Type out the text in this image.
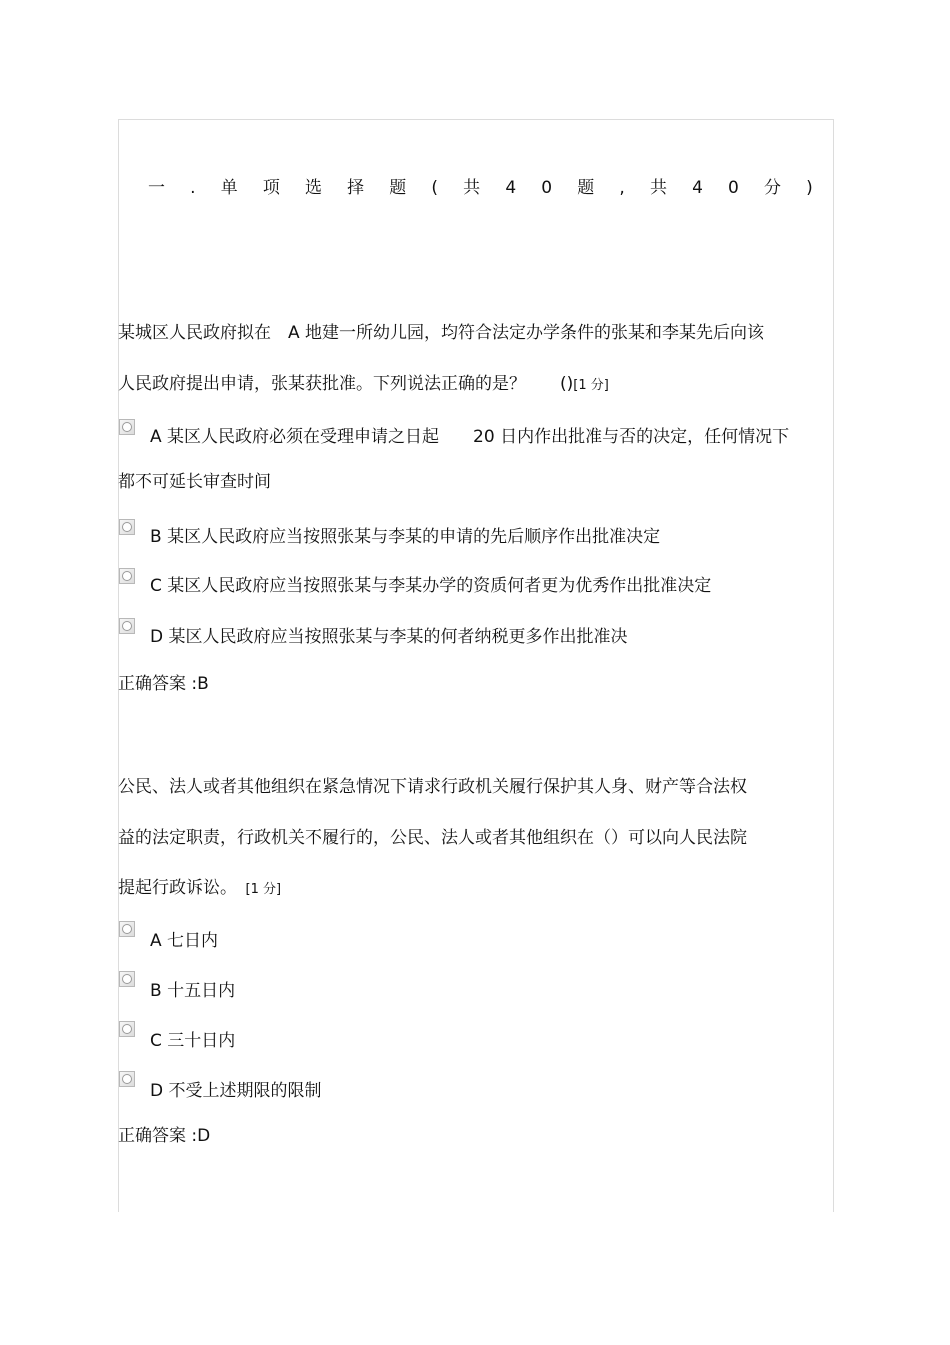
一 . 单 项 选 择 题 ( 共 4 0 题 , 共 4 0 分 )
某城区人民政府拟在　A 地建一所幼儿园，均符合法定办学条件的张某和李某先后向该
人民政府提出申请，张某获批准。下列说法正确的是？　　()[1 分]
A 某区人民政府必须在受理申请之日起　　20 日内作出批准与否的决定，任何情况下
都不可延长审查时间
B 某区人民政府应当按照张某与李某的申请的先后顺序作出批准决定
C 某区人民政府应当按照张某与李某办学的资质何者更为优秀作出批准决定
D 某区人民政府应当按照张某与李某的何者纳税更多作出批准决
正确答案 :B
公民、法人或者其他组织在紧急情况下请求行政机关履行保护其人身、财产等合法权
益的法定职责，行政机关不履行的，公民、法人或者其他组织在（）可以向人民法院
提起行政诉讼。　[1 分]
A 七日内
B 十五日内
C 三十日内
D 不受上述期限的限制
正确答案 :D
